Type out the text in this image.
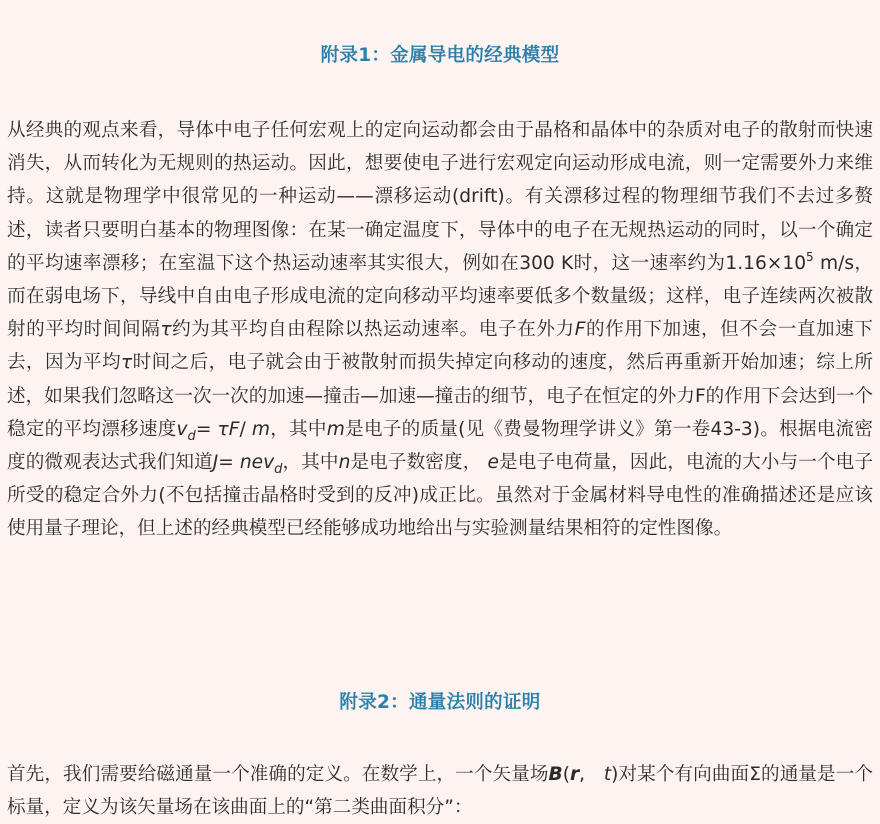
附录1：金属导电的经典模型

从经典的观点来看，导体中电子任何宏观上的定向运动都会由于晶格和晶体中的杂质对电子的散射而快速消失，从而转化为无规则的热运动。因此，想要使电子进行宏观定向运动形成电流，则一定需要外力来维持。这就是物理学中很常见的一种运动——漂移运动(drift)。有关漂移过程的物理细节我们不去过多赘述，读者只要明白基本的物理图像：在某一确定温度下，导体中的电子在无规热运动的同时，以一个确定的平均速率漂移；在室温下这个热运动速率其实很大，例如在300 K时，这一速率约为$1.16\times 10^5$ m/s，而在弱电场下，导线中自由电子形成电流的定向移动平均速率要低多个数量级；这样，电子连续两次被散射的平均时间间隔τ约为其平均自由程除以热运动速率。电子在外力F的作用下加速，但不会一直加速下去，因为平均τ时间之后，电子就会由于被散射而损失掉定向移动的速度，然后再重新开始加速；综上所述，如果我们忽略这一次一次的加速—撞击—加速—撞击的细节，电子在恒定的外力F的作用下会达到一个稳定的平均漂移速度$v_d= \tau F/$ m，其中m是电子的质量(见《费曼物理学讲义》第一卷43-3)。根据电流密度的微观表达式我们知道J= nev$_d$，其中n是电子数密度， e是电子电荷量，因此，电流的大小与一个电子所受的稳定合外力(不包括撞击晶格时受到的反冲)成正比。虽然对于金属材料导电性的准确描述还是应该使用量子理论，但上述的经典模型已经能够成功地给出与实验测量结果相符的定性图像。

附录2：通量法则的证明

首先，我们需要给磁通量一个准确的定义。在数学上，一个矢量场B(r,　t)对某个有向曲面Σ的通量是一个标量，定义为该矢量场在该曲面上的“第二类曲面积分”：
